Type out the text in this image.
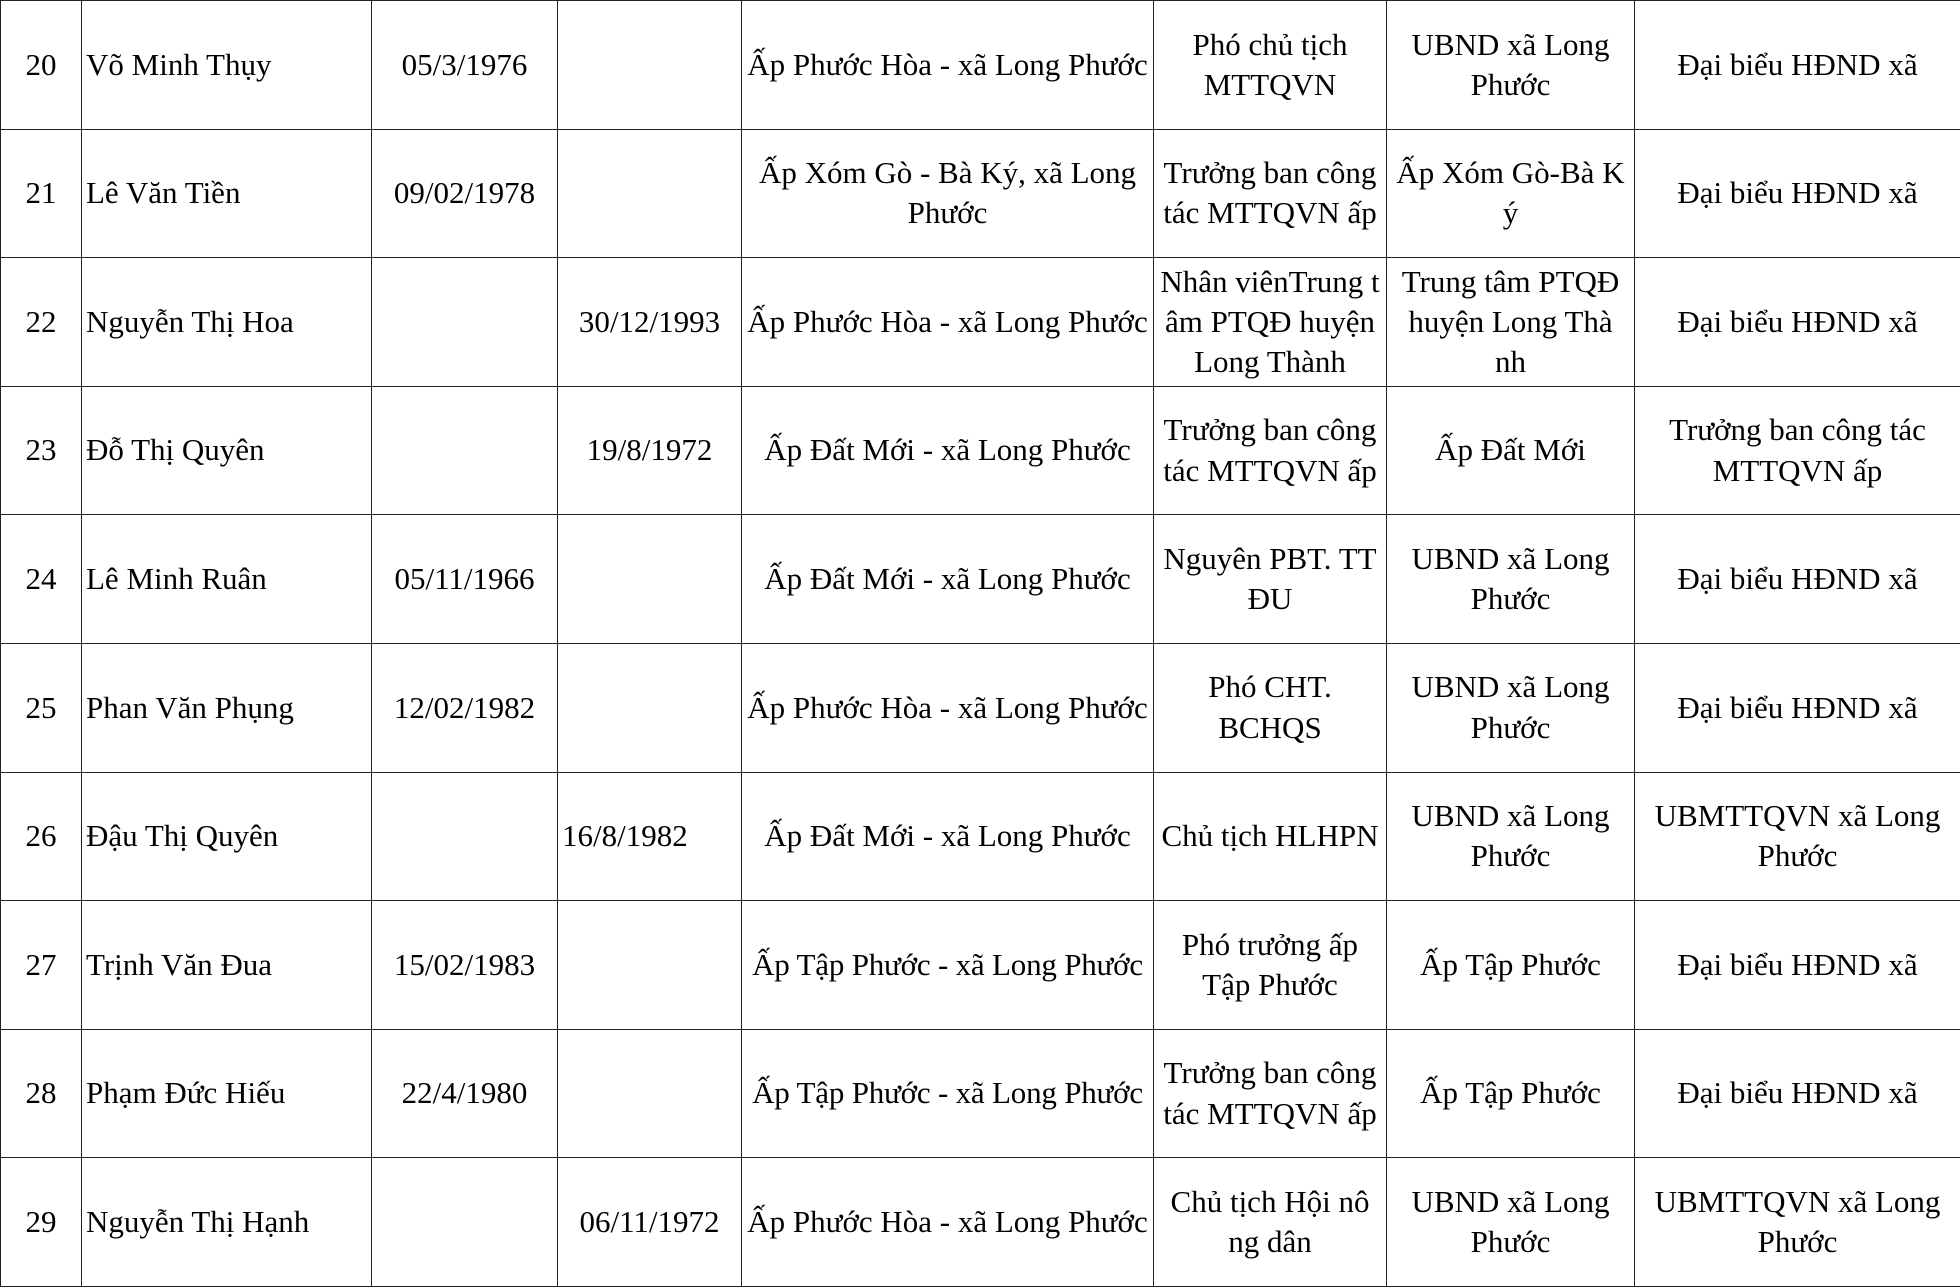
20	Võ Minh Thụy	05/3/1976		Ấp Phước Hòa - xã Long Phước	Phó chủ tịch MTTQVN	UBND xã Long Phước	Đại biểu HĐND xã
21	Lê Văn Tiền	09/02/1978		Ấp Xóm Gò - Bà Ký, xã Long Phước	Trưởng ban công tác MTTQVN ấp	Ấp Xóm Gò-Bà K ý	Đại biểu HĐND xã
22	Nguyễn Thị Hoa		30/12/1993	Ấp Phước Hòa - xã Long Phước	Nhân viênTrung t âm PTQĐ huyện Long Thành	Trung tâm PTQĐ huyện Long Thà nh	Đại biểu HĐND xã
23	Đỗ Thị Quyên		19/8/1972	Ấp Đất Mới - xã Long Phước	Trưởng ban công tác MTTQVN ấp	Ấp Đất Mới	Trưởng ban công tác MTTQVN ấp
24	Lê Minh Ruân	05/11/1966		Ấp Đất Mới - xã Long Phước	Nguyên PBT. TT ĐU	UBND xã Long Phước	Đại biểu HĐND xã
25	Phan Văn Phụng	12/02/1982		Ấp Phước Hòa - xã Long Phước	Phó CHT. BCHQS	UBND xã Long Phước	Đại biểu HĐND xã
26	Đậu Thị Quyên		16/8/1982	Ấp Đất Mới - xã Long Phước	Chủ tịch HLHPN	UBND xã Long Phước	UBMTTQVN xã Long Phước
27	Trịnh Văn Đua	15/02/1983		Ấp Tập Phước - xã Long Phước	Phó trưởng ấp Tập Phước	Ấp Tập Phước	Đại biểu HĐND xã
28	Phạm Đức Hiếu	22/4/1980		Ấp Tập Phước - xã Long Phước	Trưởng ban công tác MTTQVN ấp	Ấp Tập Phước	Đại biểu HĐND xã
29	Nguyễn Thị Hạnh		06/11/1972	Ấp Phước Hòa - xã Long Phước	Chủ tịch Hội nô ng dân	UBND xã Long Phước	UBMTTQVN xã Long Phước
